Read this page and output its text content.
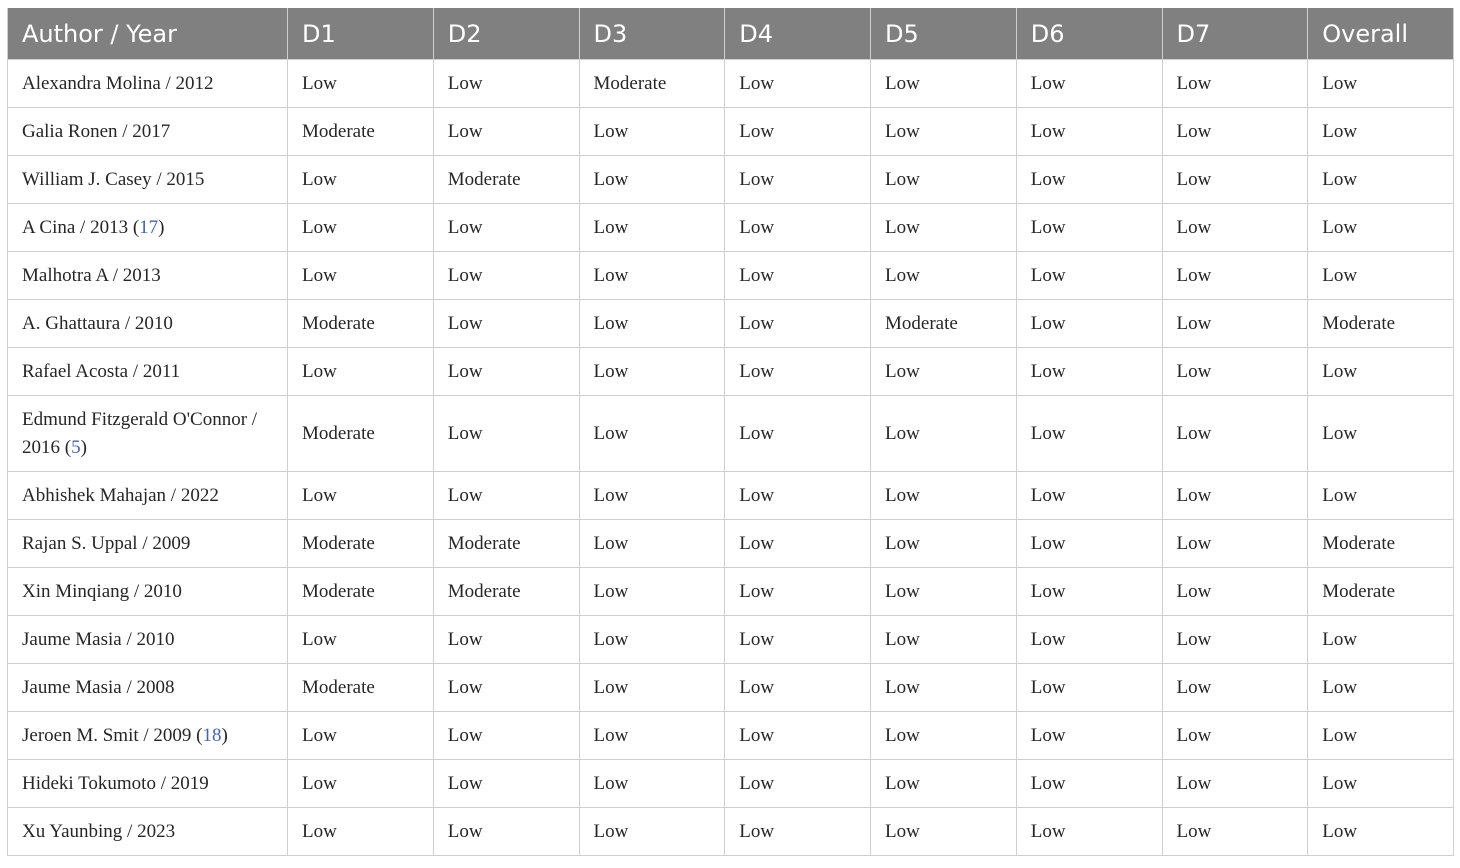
Author / Year	D1	D2	D3	D4	D5	D6	D7	Overall
Alexandra Molina / 2012	Low	Low	Moderate	Low	Low	Low	Low	Low
Galia Ronen / 2017	Moderate	Low	Low	Low	Low	Low	Low	Low
William J. Casey / 2015	Low	Moderate	Low	Low	Low	Low	Low	Low
A Cina / 2013 (17)	Low	Low	Low	Low	Low	Low	Low	Low
Malhotra A / 2013	Low	Low	Low	Low	Low	Low	Low	Low
A. Ghattaura / 2010	Moderate	Low	Low	Low	Moderate	Low	Low	Moderate
Rafael Acosta / 2011	Low	Low	Low	Low	Low	Low	Low	Low
Edmund Fitzgerald O'Connor / 2016 (5)	Moderate	Low	Low	Low	Low	Low	Low	Low
Abhishek Mahajan / 2022	Low	Low	Low	Low	Low	Low	Low	Low
Rajan S. Uppal / 2009	Moderate	Moderate	Low	Low	Low	Low	Low	Moderate
Xin Minqiang / 2010	Moderate	Moderate	Low	Low	Low	Low	Low	Moderate
Jaume Masia / 2010	Low	Low	Low	Low	Low	Low	Low	Low
Jaume Masia / 2008	Moderate	Low	Low	Low	Low	Low	Low	Low
Jeroen M. Smit / 2009 (18)	Low	Low	Low	Low	Low	Low	Low	Low
Hideki Tokumoto / 2019	Low	Low	Low	Low	Low	Low	Low	Low
Xu Yaunbing / 2023	Low	Low	Low	Low	Low	Low	Low	Low
